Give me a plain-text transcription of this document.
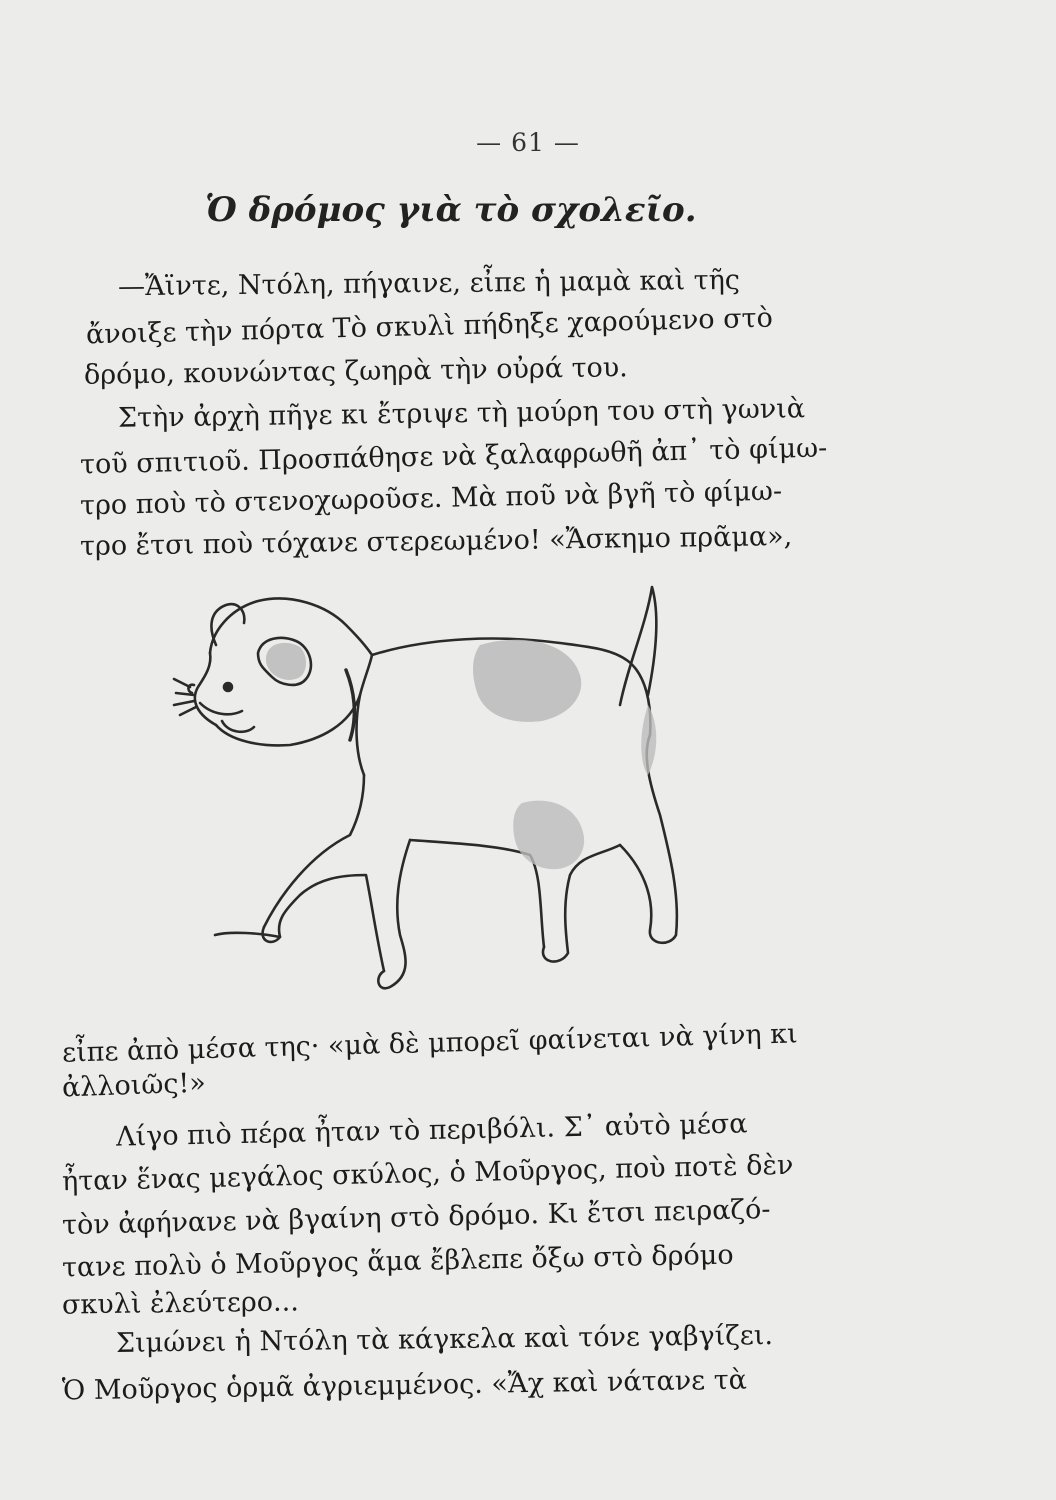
— 61 —
Ὁ δρόμος γιὰ τὸ σχολεῖο.
—Ἄϊντε, Ντόλη, πήγαινε, εἶπε ἡ μαμὰ καὶ τῆς
ἄνοιξε τὴν πόρτα Τὸ σκυλὶ πήδηξε χαρούμενο στὸ
δρόμο, κουνώντας ζωηρὰ τὴν οὐρά του.
Στὴν ἀρχὴ πῆγε κι ἔτριψε τὴ μούρη του στὴ γωνιὰ
τοῦ σπιτιοῦ. Προσπάθησε νὰ ξαλαφρωθῆ ἀπ᾿ τὸ φίμω-
τρο ποὺ τὸ στενοχωροῦσε. Μὰ ποῦ νὰ βγῆ τὸ φίμω-
τρο ἔτσι ποὺ τόχανε στερεωμένο! «Ἄσκημο πρᾶμα»,
εἶπε ἀπὸ μέσα της· «μὰ δὲ μπορεῖ φαίνεται νὰ γίνη κι
ἀλλοιῶς!»
Λίγο πιὸ πέρα ἦταν τὸ περιβόλι. Σ᾿ αὐτὸ μέσα
ἦταν ἕνας μεγάλος σκύλος, ὁ Μοῦργος, ποὺ ποτὲ δὲν
τὸν ἀφήνανε νὰ βγαίνη στὸ δρόμο. Κι ἔτσι πειραζό-
τανε πολὺ ὁ Μοῦργος ἅμα ἔβλεπε ὄξω στὸ δρόμο
σκυλὶ ἐλεύτερο...
Σιμώνει ἡ Ντόλη τὰ κάγκελα καὶ τόνε γαβγίζει.
Ὁ Μοῦργος ὁρμᾶ ἀγριεμμένος. «Ἄχ καὶ νάτανε τὰ
